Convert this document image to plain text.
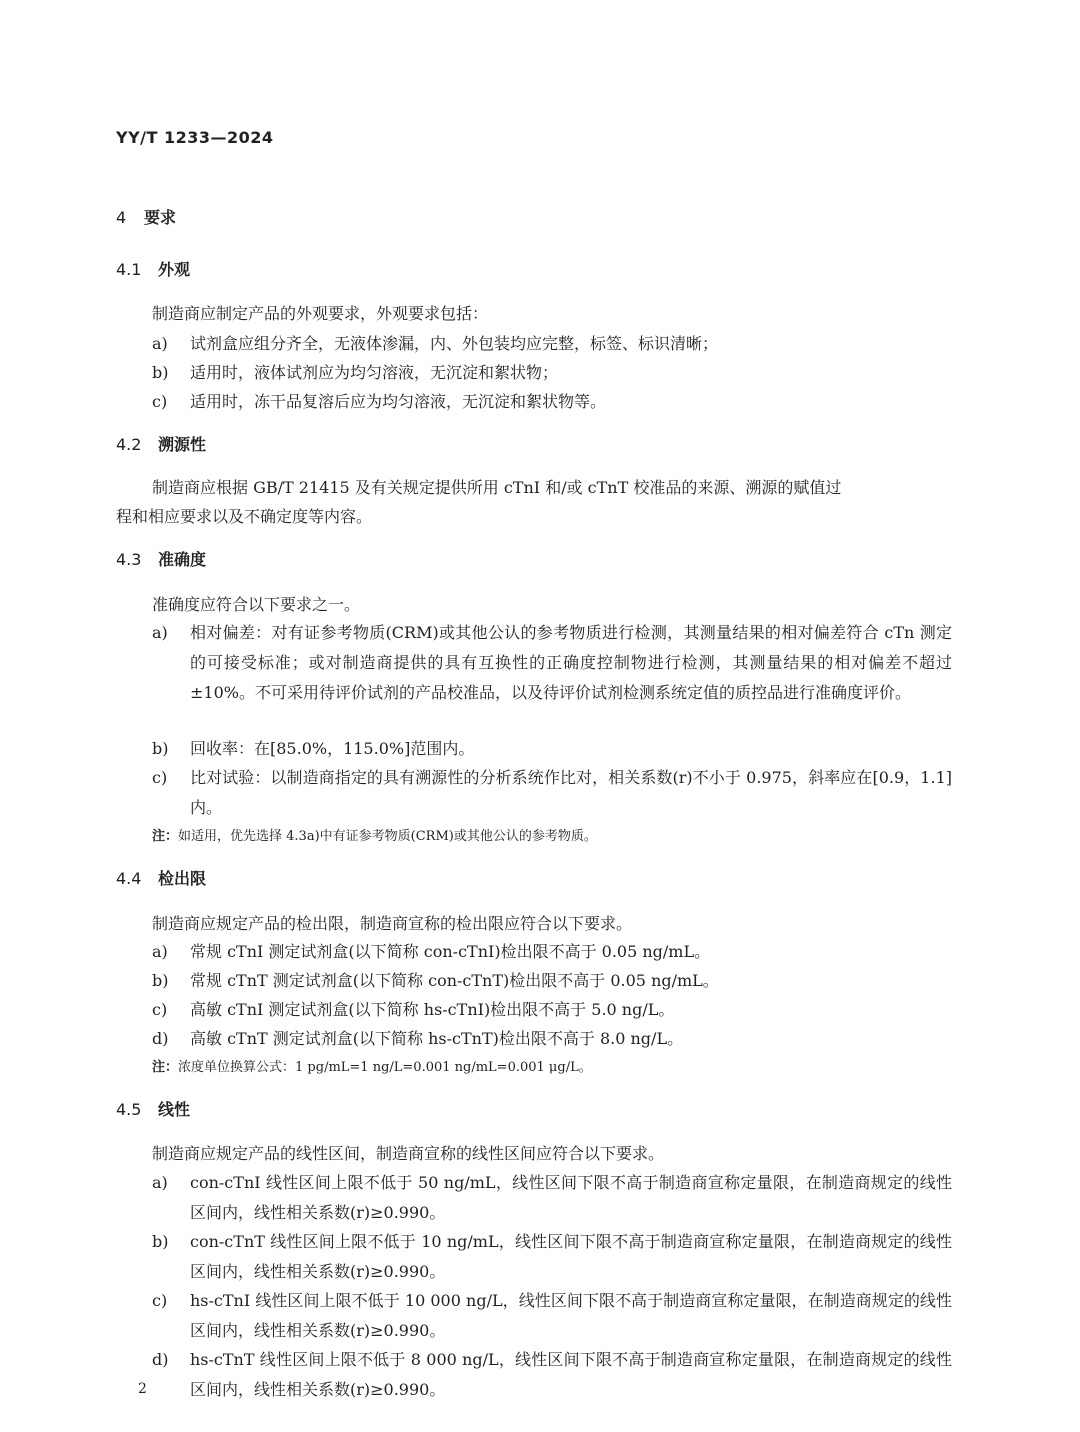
YY/T 1233—2024

4 要求
4.1 外观
制造商应制定产品的外观要求，外观要求包括：
a) 试剂盒应组分齐全，无液体渗漏，内、外包装均应完整，标签、标识清晰；
b) 适用时，液体试剂应为均匀溶液，无沉淀和絮状物；
c) 适用时，冻干品复溶后应为均匀溶液，无沉淀和絮状物等。
4.2 溯源性
制造商应根据 GB/T 21415 及有关规定提供所用 cTnI 和/或 cTnT 校准品的来源、溯源的赋值过
程和相应要求以及不确定度等内容。
4.3 准确度
准确度应符合以下要求之一。
a) 相对偏差：对有证参考物质(CRM)或其他公认的参考物质进行检测，其测量结果的相对偏差符合 cTn 测定的可接受标准；或对制造商提供的具有互换性的正确度控制物进行检测，其测量结果的相对偏差不超过±10%。不可采用待评价试剂的产品校准品，以及待评价试剂检测系统定值的质控品进行准确度评价。
b) 回收率：在[85.0%，115.0%]范围内。
c) 比对试验：以制造商指定的具有溯源性的分析系统作比对，相关系数(r)不小于 0.975，斜率应在[0.9，1.1]内。
注：如适用，优先选择 4.3a)中有证参考物质(CRM)或其他公认的参考物质。
4.4 检出限
制造商应规定产品的检出限，制造商宣称的检出限应符合以下要求。
a) 常规 cTnI 测定试剂盒(以下简称 con-cTnI)检出限不高于 0.05 ng/mL。
b) 常规 cTnT 测定试剂盒(以下简称 con-cTnT)检出限不高于 0.05 ng/mL。
c) 高敏 cTnI 测定试剂盒(以下简称 hs-cTnI)检出限不高于 5.0 ng/L。
d) 高敏 cTnT 测定试剂盒(以下简称 hs-cTnT)检出限不高于 8.0 ng/L。
注：浓度单位换算公式：1 pg/mL=1 ng/L=0.001 ng/mL=0.001 μg/L。
4.5 线性
制造商应规定产品的线性区间，制造商宣称的线性区间应符合以下要求。
a) con-cTnI 线性区间上限不低于 50 ng/mL，线性区间下限不高于制造商宣称定量限，在制造商规定的线性区间内，线性相关系数(r)≥0.990。
b) con-cTnT 线性区间上限不低于 10 ng/mL，线性区间下限不高于制造商宣称定量限，在制造商规定的线性区间内，线性相关系数(r)≥0.990。
c) hs-cTnI 线性区间上限不低于 10 000 ng/L，线性区间下限不高于制造商宣称定量限，在制造商规定的线性区间内，线性相关系数(r)≥0.990。
d) hs-cTnT 线性区间上限不低于 8 000 ng/L，线性区间下限不高于制造商宣称定量限，在制造商规定的线性区间内，线性相关系数(r)≥0.990。

2
